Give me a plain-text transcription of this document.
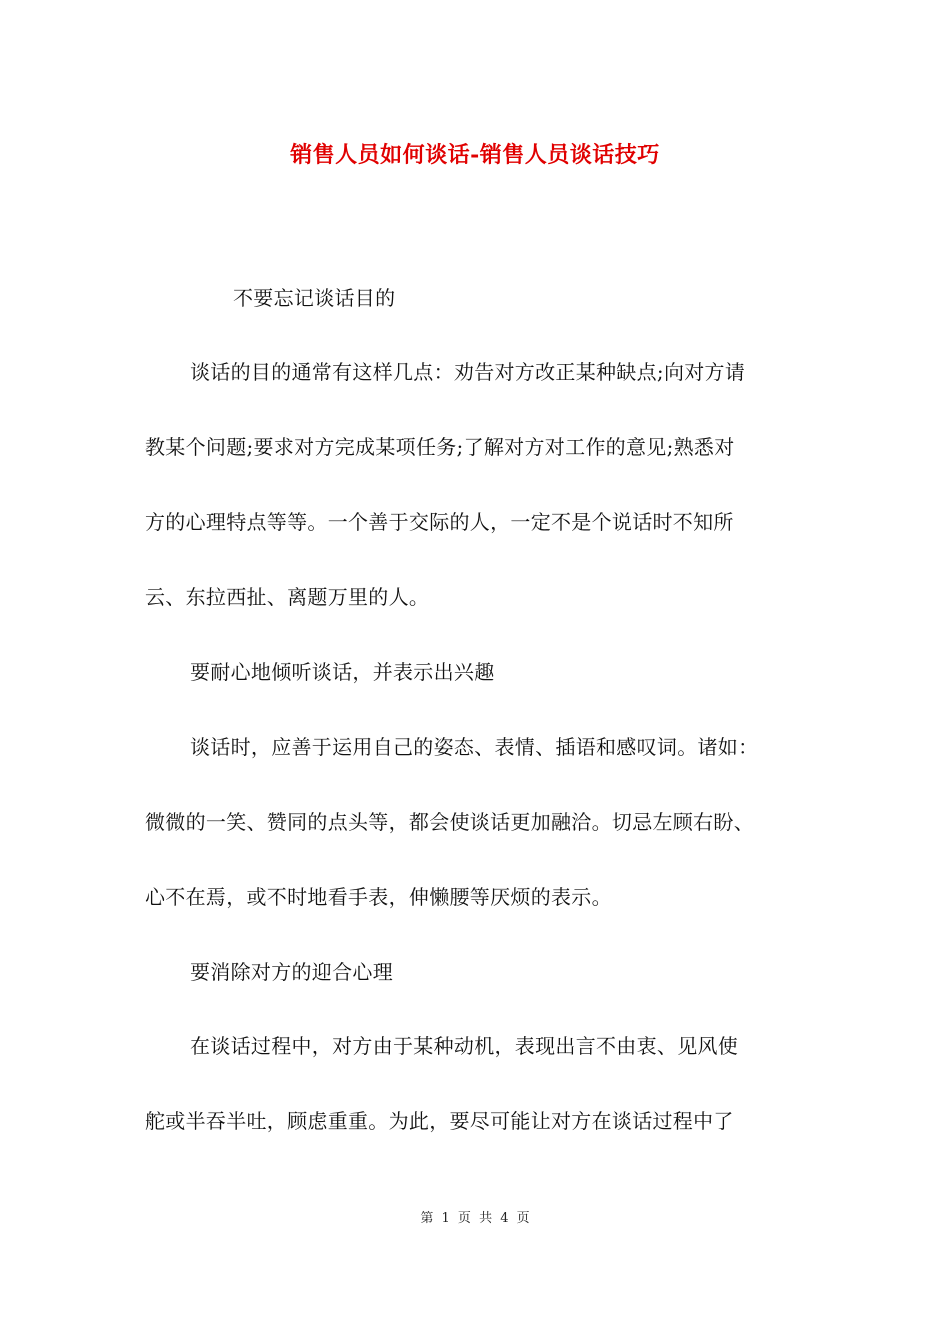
销售人员如何谈话-销售人员谈话技巧
不要忘记谈话目的
谈话的目的通常有这样几点：劝告对方改正某种缺点;向对方请
教某个问题;要求对方完成某项任务;了解对方对工作的意见;熟悉对
方的心理特点等等。一个善于交际的人，一定不是个说话时不知所
云、东拉西扯、离题万里的人。
要耐心地倾听谈话，并表示出兴趣
谈话时，应善于运用自己的姿态、表情、插语和感叹词。诸如：
微微的一笑、赞同的点头等，都会使谈话更加融洽。切忌左顾右盼、
心不在焉，或不时地看手表，伸懒腰等厌烦的表示。
要消除对方的迎合心理
在谈话过程中，对方由于某种动机，表现出言不由衷、见风使
舵或半吞半吐，顾虑重重。为此，要尽可能让对方在谈话过程中了
第 1 页 共 4 页
